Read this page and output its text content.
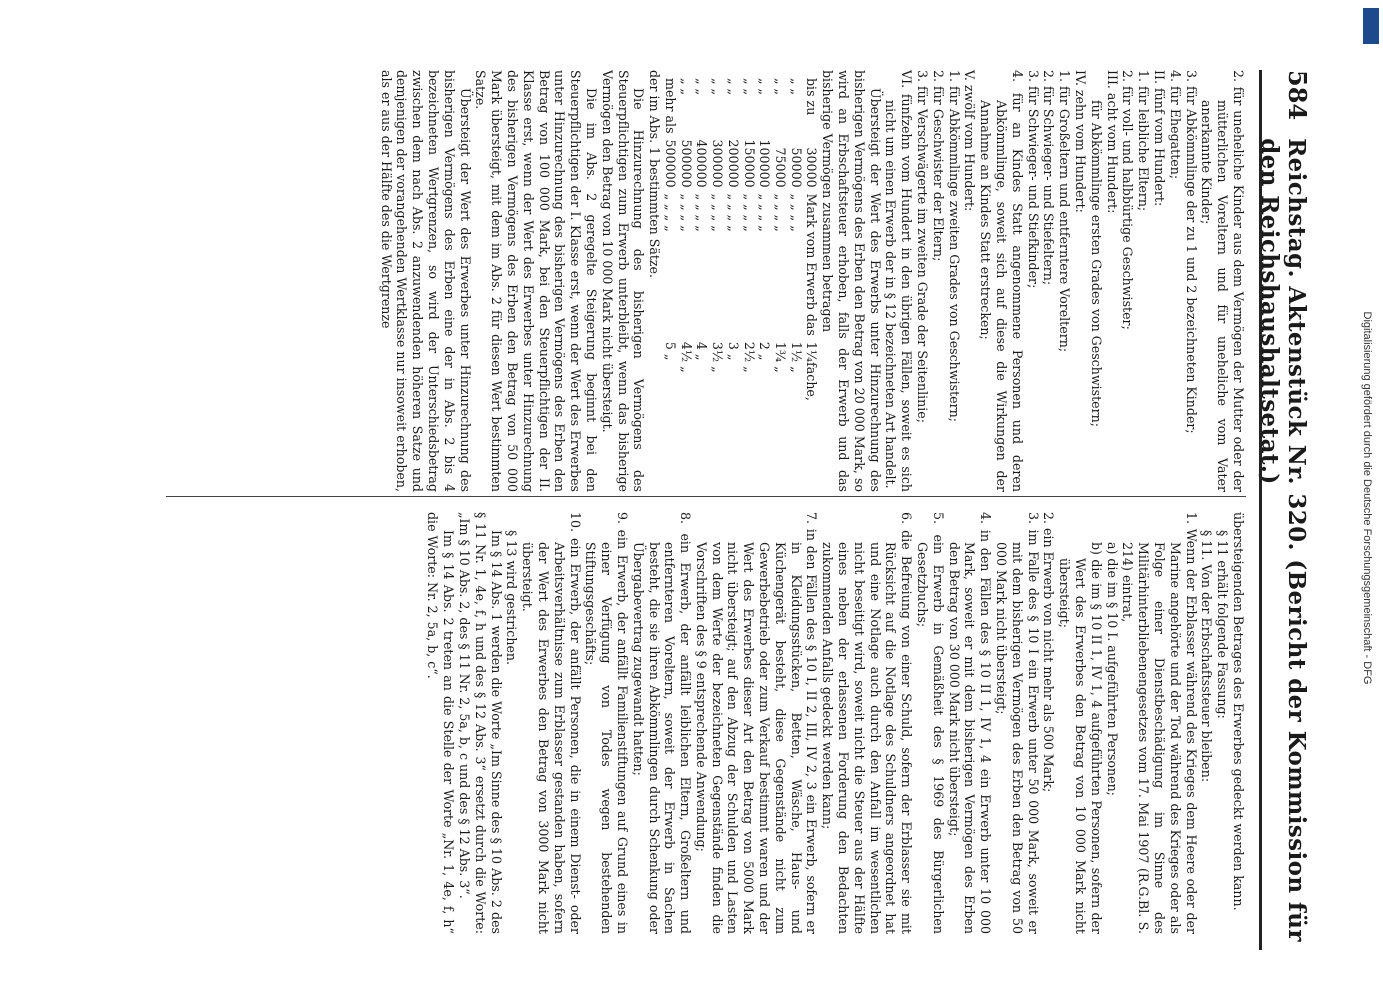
584
Reichstag. Aktenstück Nr. 320. (Bericht der Kommission für den Reichshaushaltsetat.)

2. für uneheliche Kinder aus dem Vermögen der Mutter oder der mütterlichen Voreltern und für uneheliche vom Vater anerkannte Kinder;

3. für Abkömmlinge der zu 1 und 2 bezeichneten Kinder;

4. für Ehegatten;

II. fünf vom Hundert:

1. für leibliche Eltern;

2. für voll- und halbbürtige Geschwister;

III. acht vom Hundert:

für Abkömmlinge ersten Grades von Geschwistern;

IV. zehn vom Hundert:

1. für Großeltern und entferntere Voreltern;

2. für Schwieger- und Stiefeltern;

3. für Schwieger- und Stiefkinder;

4. für an Kindes Statt angenommene Personen und deren Abkömmlinge, soweit sich auf diese die Wirkungen der Annahme an Kindes Statt erstrecken;

V. zwölf vom Hundert:

1. für Abkömmlinge zweiten Grades von Geschwistern;

2. für Geschwister der Eltern;

3. für Verschwägerte im zweiten Grade der Seitenlinie;

VI. fünfzehn vom Hundert in den übrigen Fällen, soweit es sich nicht um einen Erwerb der in § 12 bezeichneten Art handelt.

Übersteigt der Wert des Erwerbs unter Hinzurechnung des bisherigen Vermögens des Erben den Betrag von 20 000 Mark, so wird an Erbschaftsteuer erhoben, falls der Erwerb und das bisherige Vermögen zusammen betragen

bis zu	30000	Mark vom Erwerb das	1¼fache,
„ „	50000	„ „ „ „	1½ „
„ „	75000	„ „ „ „	1¾ „
„ „	100000	„ „ „ „	2 „
„ „	150000	„ „ „ „	2½ „
„ „	200000	„ „ „ „	3 „
„ „	300000	„ „ „ „	3½ „
„ „	400000	„ „ „ „	4 „
„ „	500000	„ „ „ „	4½ „
mehr als	500000	„ „ „ „	5 „

der im Abs. 1 bestimmten Sätze.

Die Hinzurechnung des bisherigen Vermögens des Steuerpflichtigen zum Erwerb unterbleibt, wenn das bisherige Vermögen den Betrag von 10 000 Mark nicht übersteigt.

Die im Abs. 2 geregelte Steigerung beginnt bei den Steuerpflichtigen der I. Klasse erst, wenn der Wert des Erwerbes unter Hinzurechnung des bisherigen Vermögens des Erben den Betrag von 100 000 Mark, bei den Steuerpflichtigen der II. Klasse erst, wenn der Wert des Erwerbes unter Hinzurechnung des bisherigen Vermögens des Erben den Betrag von 50 000 Mark übersteigt, mit dem im Abs. 2 für diesen Wert bestimmten Satze.

Übersteigt der Wert des Erwerbes unter Hinzurechnung des bisherigen Vermögens des Erben eine der in Abs. 2 bis 4 bezeichneten Wertgrenzen, so wird der Unterschiedsbetrag zwischen dem nach Abs. 2 anzuwendenden höheren Satze und demjenigen der vorangehenden Wertklasse nur insoweit erhoben, als er aus der Hälfte des die Wertgrenze

übersteigenden Betrages des Erwerbes gedeckt werden kann.

§ 11 erhält folgende Fassung:

§ 11. Von der Erbschaftssteuer bleiben:

1. Wenn der Erblasser während des Krieges dem Heere oder der Marine angehörte und der Tod während des Krieges oder als Folge einer Dienstbeschädigung im Sinne des Militärhinterbliebenengesetzes vom 17. Mai 1907 (R.G.Bl. S. 214) eintrat,

a) die im § 10 I. aufgeführten Personen;

b) die im § 10 II 1, IV 1, 4 aufgeführten Personen, sofern der Wert des Erwerbes den Betrag von 10 000 Mark nicht übersteigt;

2. ein Erwerb von nicht mehr als 500 Mark;

3. im Falle des § 10 I ein Erwerb unter 50 000 Mark, soweit er mit dem bisherigen Vermögen des Erben den Betrag von 50 000 Mark nicht übersteigt;

4. in den Fällen des § 10 II 1, IV 1, 4 ein Erwerb unter 10 000 Mark, soweit er mit dem bisherigen Vermögen des Erben den Betrag von 30 000 Mark nicht übersteigt;

5. ein Erwerb in Gemäßheit des § 1969 des Bürgerlichen Gesetzbuchs;

6. die Befreiung von einer Schuld, sofern der Erblasser sie mit Rücksicht auf die Notlage des Schuldners angeordnet hat und eine Notlage auch durch den Anfall im wesentlichen nicht beseitigt wird, soweit nicht die Steuer aus der Hälfte eines neben der erlassenen Forderung den Bedachten zukommenden Anfalls gedeckt werden kann;

7. in den Fällen des § 10 I, II 2, III, IV 2, 3 ein Erwerb, sofern er in Kleidungsstücken, Betten, Wäsche, Haus- und Küchengerät besteht, diese Gegenstände nicht zum Gewerbebetrieb oder zum Verkauf bestimmt waren und der Wert des Erwerbes dieser Art den Betrag von 5000 Mark nicht übersteigt; auf den Abzug der Schulden und Lasten von dem Werte der bezeichneten Gegenstände finden die Vorschriften des § 9 entsprechende Anwendung;

8. ein Erwerb, der anfällt leiblichen Eltern, Großeltern und entfernteren Voreltern, soweit der Erwerb in Sachen besteht, die sie ihren Abkömmlingen durch Schenkung oder Übergabevertrag zugewandt hatten;

9. ein Erwerb, der anfällt Familienstiftungen auf Grund eines in einer Verfügung von Todes wegen bestehenden Stiftungsgeschäfts;

10. ein Erwerb, der anfällt Personen, die in einem Dienst- oder Arbeitsverhältnisse zum Erblasser gestanden haben, sofern der Wert des Erwerbes den Betrag von 3000 Mark nicht übersteigt.

§ 13 wird gestrichen.

Im § 14 Abs. 1 werden die Worte „Im Sinne des § 10 Abs. 2 des § 11 Nr. 1, 4e, f, h und des § 12 Abs. 3“ ersetzt durch die Worte: „Im § 10 Abs. 2, des § 11 Nr. 2, 5a, b, c und des § 12 Abs. 3“.

Im § 14 Abs. 2 treten an die Stelle der Worte „Nr. 1, 4e, f, h“ die Worte: Nr. 2, 5a, b, c“.	Digitalisierung gefördert durch die Deutsche Forschungsgemeinschaft - DFG
